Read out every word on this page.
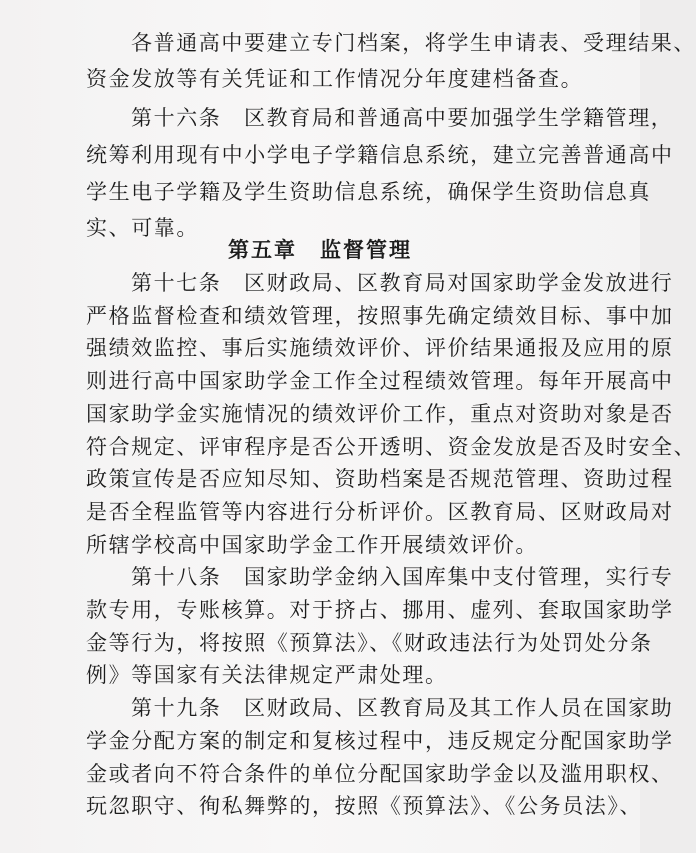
各普通高中要建立专门档案，将学生申请表、受理结果、
资金发放等有关凭证和工作情况分年度建档备查。
第十六条　区教育局和普通高中要加强学生学籍管理，
统筹利用现有中小学电子学籍信息系统，建立完善普通高中
学生电子学籍及学生资助信息系统，确保学生资助信息真
实、可靠。
第五章　监督管理
第十七条　区财政局、区教育局对国家助学金发放进行
严格监督检查和绩效管理，按照事先确定绩效目标、事中加
强绩效监控、事后实施绩效评价、评价结果通报及应用的原
则进行高中国家助学金工作全过程绩效管理。每年开展高中
国家助学金实施情况的绩效评价工作，重点对资助对象是否
符合规定、评审程序是否公开透明、资金发放是否及时安全、
政策宣传是否应知尽知、资助档案是否规范管理、资助过程
是否全程监管等内容进行分析评价。区教育局、区财政局对
所辖学校高中国家助学金工作开展绩效评价。
第十八条　国家助学金纳入国库集中支付管理，实行专
款专用，专账核算。对于挤占、挪用、虚列、套取国家助学
金等行为，将按照《预算法》、《财政违法行为处罚处分条
例》等国家有关法律规定严肃处理。
第十九条　区财政局、区教育局及其工作人员在国家助
学金分配方案的制定和复核过程中，违反规定分配国家助学
金或者向不符合条件的单位分配国家助学金以及滥用职权、
玩忽职守、徇私舞弊的，按照《预算法》、《公务员法》、
